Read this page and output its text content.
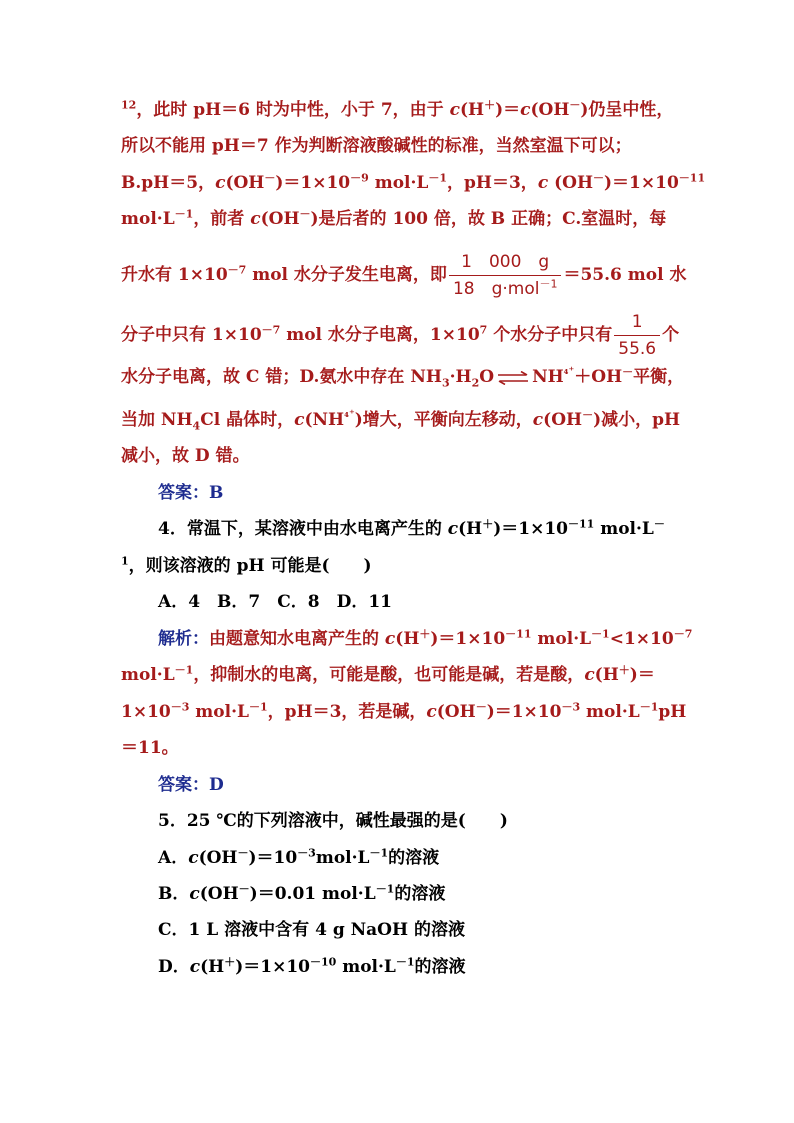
$^{12}$，此时 pH＝6 时为中性，小于 7，由于 c(H＋)＝c(OH－)仍呈中性，
所以不能用 pH＝7 作为判断溶液酸碱性的标准，当然室温下可以；
B.pH＝5，$c(OH^-)=1\times 10^{-9}$ $mol\cdot L^{-1}$，pH＝3，c $(OH^-)=1\times 10^{-11}$
$mol\cdot L^{-1}$，前者 c(OH－)是后者的 100 倍，故 B 正确；C.室温时，每
升水有 $1\times 10^{-7}$ mol 水分子发生电离，即 $\frac{1 000 g}{18 g\cdot mol^{-1}} =55.6$ mol 水
分子中只有 $1\times 10^{-7}$ mol 水分子电离，$1\times 10^7$ 个水分子中只有 $\frac{1}{55.6}$ 个
水分子电离，故 C 错；D.氨水中存在 $NH_3\cdot H_2O$ ⇌ $NH^{_4^+}+OH^-$平衡，
当加 $NH_4Cl$ 晶体时，$c(NH^{_4^+})$增大，平衡向左移动，c(OH－)减小，pH
减小，故 D 错。
答案：B
4．常温下，某溶液中由水电离产生的 $c(H^+)=1\times 10^{-11}$ mol·L－
$^1$，则该溶液的 pH 可能是(　　)
A．4　B．7　C．8　D．11
解析：由题意知水电离产生的 $c(H^+)=1\times 10^{-11}$ $mol\cdot L^{-1}<1\times 10^{-7}$
$mol\cdot L^{-1}$，抑制水的电离，可能是酸，也可能是碱，若是酸，c(H＋)＝
$1\times 10^{-3}$ $mol\cdot L^{-1}$，pH＝3，若是碱，$c(OH^-)=1\times 10^{-3}$ $mol\cdot L^{-1}pH$
＝11。
答案：D
5．25 ℃的下列溶液中，碱性最强的是(　　)
A．$c(OH^-)=10^{-3}mol\cdot L^{-1}$的溶液
B．c(OH－)＝0.01 $mol\cdot L^{-1}$的溶液
C．1 L 溶液中含有 4 g NaOH 的溶液
D．$c(H^+)=1\times 10^{-10}$ $mol\cdot L^{-1}$的溶液
